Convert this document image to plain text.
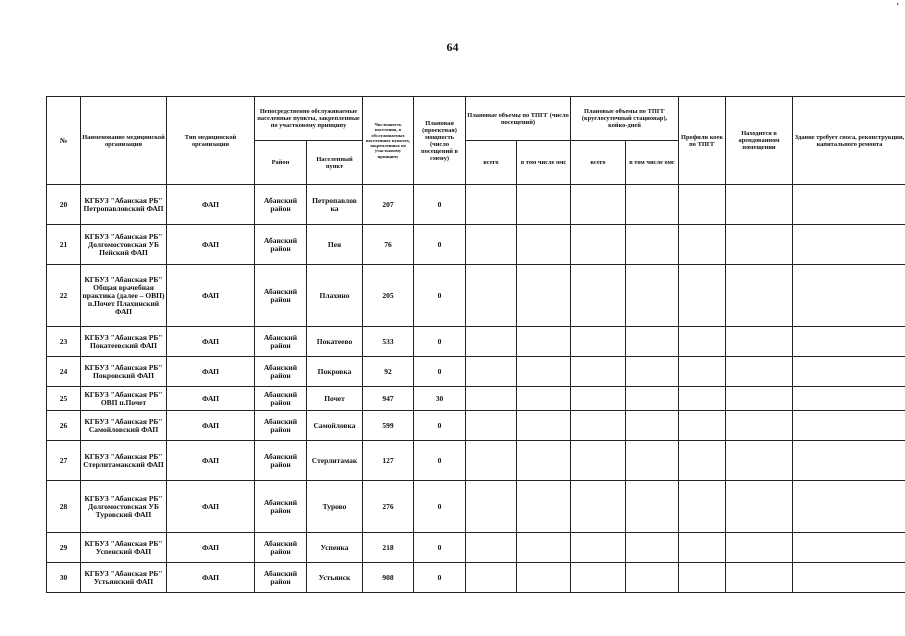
64
,
№	Наименование медицинской организации	Тип медицинской организации	Непосредственно обслуживаемые населенные пункты, закрепленные по участковому принципу		Численность населения, в обслуживаемых населенных пунктах, закрепленных по участковому принципу	Плановая (проектная) мощность (число посещений в смену)	Плановые объемы по ТПГГ (число посещений)		Плановые объемы по ТПГГ (круглосуточный стационар), койко-дней		Профили коек по ТПГГ	Находится в арендованном помещении	Здание требует сноса, реконструкции, капитального ремонта
			Район	Населенный пункт			всего	в том числе омс	всего	в том числе омс			
20	КГБУЗ "Абанская РБ" Петропавловский ФАП	ФАП	Абанский район	Петропавлов ка	207	0							
21	КГБУЗ "Абанская РБ" Долгомостовская УБ Пейский ФАП	ФАП	Абанский район	Пея	76	0							
22	КГБУЗ "Абанская РБ" Общая врачебная практика (далее – ОВП) п.Почет Плахинский ФАП	ФАП	Абанский район	Плахино	205	0							
23	КГБУЗ "Абанская РБ" Покатеевский ФАП	ФАП	Абанский район	Покатеево	533	0							
24	КГБУЗ "Абанская РБ" Покровский ФАП	ФАП	Абанский район	Покровка	92	0							
25	КГБУЗ "Абанская РБ" ОВП п.Почет	ФАП	Абанский район	Почет	947	30							
26	КГБУЗ "Абанская РБ" Самойловский ФАП	ФАП	Абанский район	Самойловка	599	0							
27	КГБУЗ "Абанская РБ" Стерлитамакский ФАП	ФАП	Абанский район	Стерлитамак	127	0							
28	КГБУЗ "Абанская РБ" Долгомостовская УБ Туровский ФАП	ФАП	Абанский район	Турово	276	0							
29	КГБУЗ "Абанская РБ" Успенский ФАП	ФАП	Абанский район	Успенка	218	0							
30	КГБУЗ "Абанская РБ" Устьянский ФАП	ФАП	Абанский район	Устьянск	908	0							
